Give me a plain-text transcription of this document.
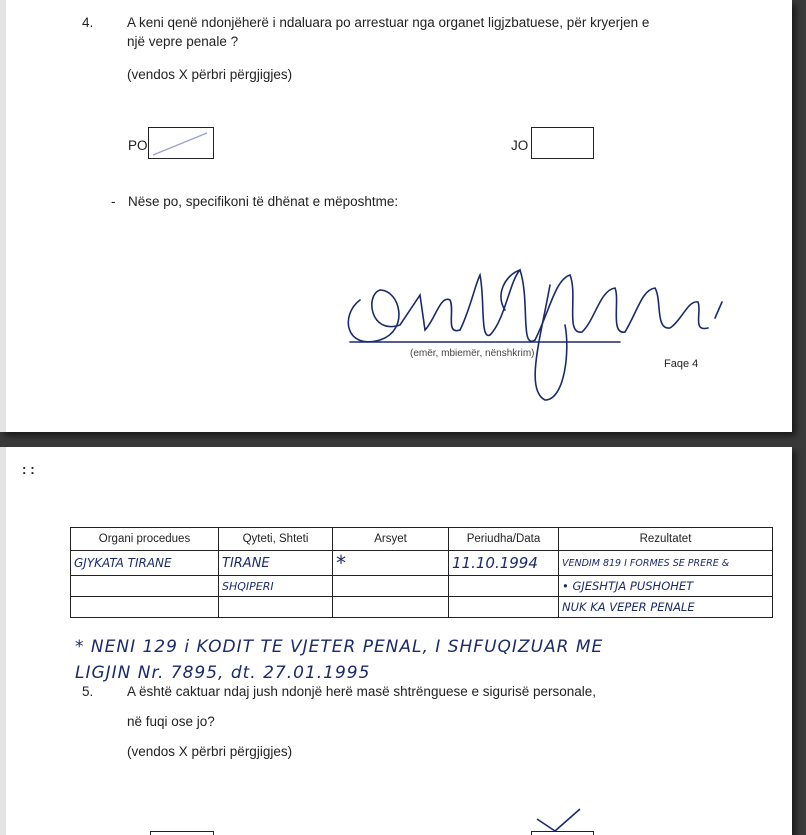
4. A keni qenë ndonjëherë i ndaluara po arrestuar nga organet ligjzbatuese, për kryerjen e
një vepre penale ?
(vendos X përbri përgjigjes)
PO	JO
- Nëse po, specifikoni të dhënat e mëposhtme:
(emër, mbiemër, nënshkrim)
Faqe 4
: :
Organi procedues	Qyteti, Shteti	Arsyet	Periudha/Data	Rezultatet
GJYKATA TIRANE	TIRANE	*	11.10.1994	VENDIM 819 I FORMES SE PRERE &
	SHQIPERI			• GJESHTJA PUSHOHET
				NUK KA VEPER PENALE
* NENI 129 i KODIT TE VJETER PENAL, I SHFUQIZUAR ME
LIGJIN Nr. 7895, dt. 27.01.1995
5. A është caktuar ndaj jush ndonjë herë masë shtrënguese e sigurisë personale,
në fuqi ose jo?
(vendos X përbri përgjigjes)
